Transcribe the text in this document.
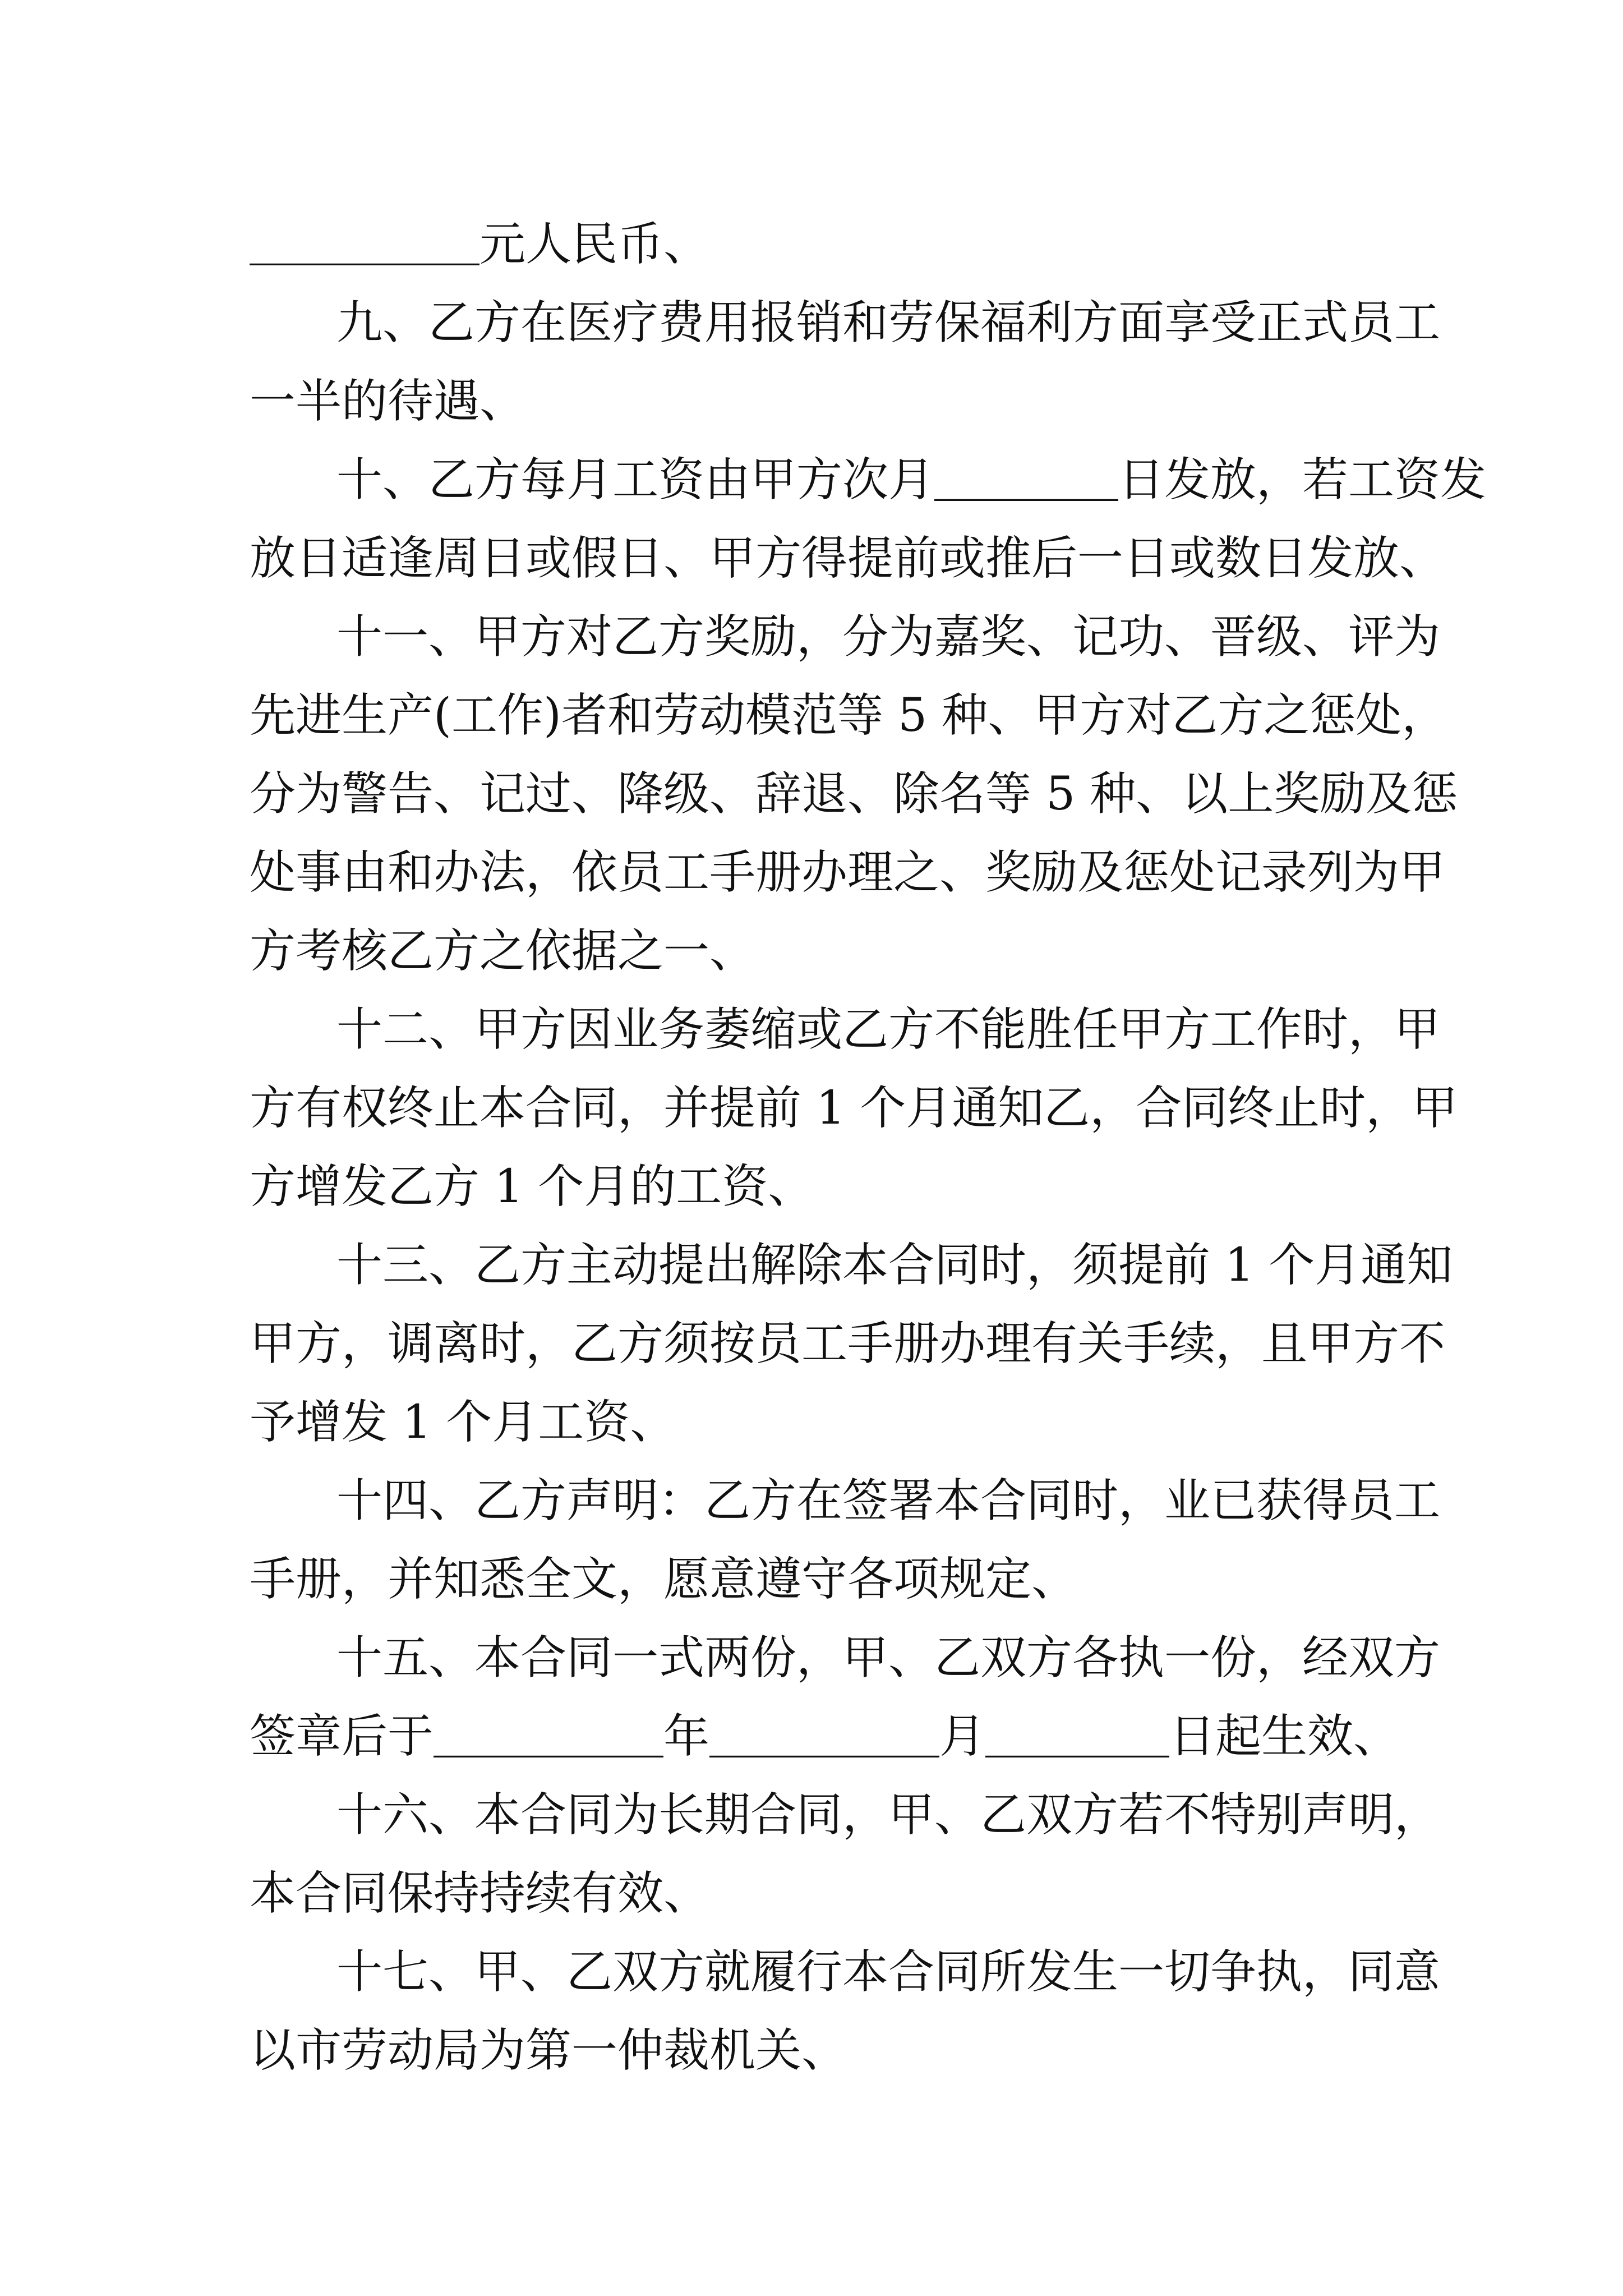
＿＿＿＿＿元人民币、
九、乙方在医疗费用报销和劳保福利方面享受正式员工
一半的待遇、
十、乙方每月工资由甲方次月＿＿＿＿日发放，若工资发
放日适逢周日或假日、甲方得提前或推后一日或数日发放、
十一、甲方对乙方奖励，分为嘉奖、记功、晋级、评为
先进生产(工作)者和劳动模范等 5 种、甲方对乙方之惩处，
分为警告、记过、降级、辞退、除名等 5 种、以上奖励及惩
处事由和办法，依员工手册办理之、奖励及惩处记录列为甲
方考核乙方之依据之一、
十二、甲方因业务萎缩或乙方不能胜任甲方工作时，甲
方有权终止本合同，并提前 1 个月通知乙，合同终止时，甲
方增发乙方 1 个月的工资、
十三、乙方主动提出解除本合同时，须提前 1 个月通知
甲方，调离时，乙方须按员工手册办理有关手续，且甲方不
予增发 1 个月工资、
十四、乙方声明：乙方在签署本合同时，业已获得员工
手册，并知悉全文，愿意遵守各项规定、
十五、本合同一式两份，甲、乙双方各执一份，经双方
签章后于＿＿＿＿＿年＿＿＿＿＿月＿＿＿＿日起生效、
十六、本合同为长期合同，甲、乙双方若不特别声明，
本合同保持持续有效、
十七、甲、乙双方就履行本合同所发生一切争执，同意
以市劳动局为第一仲裁机关、
